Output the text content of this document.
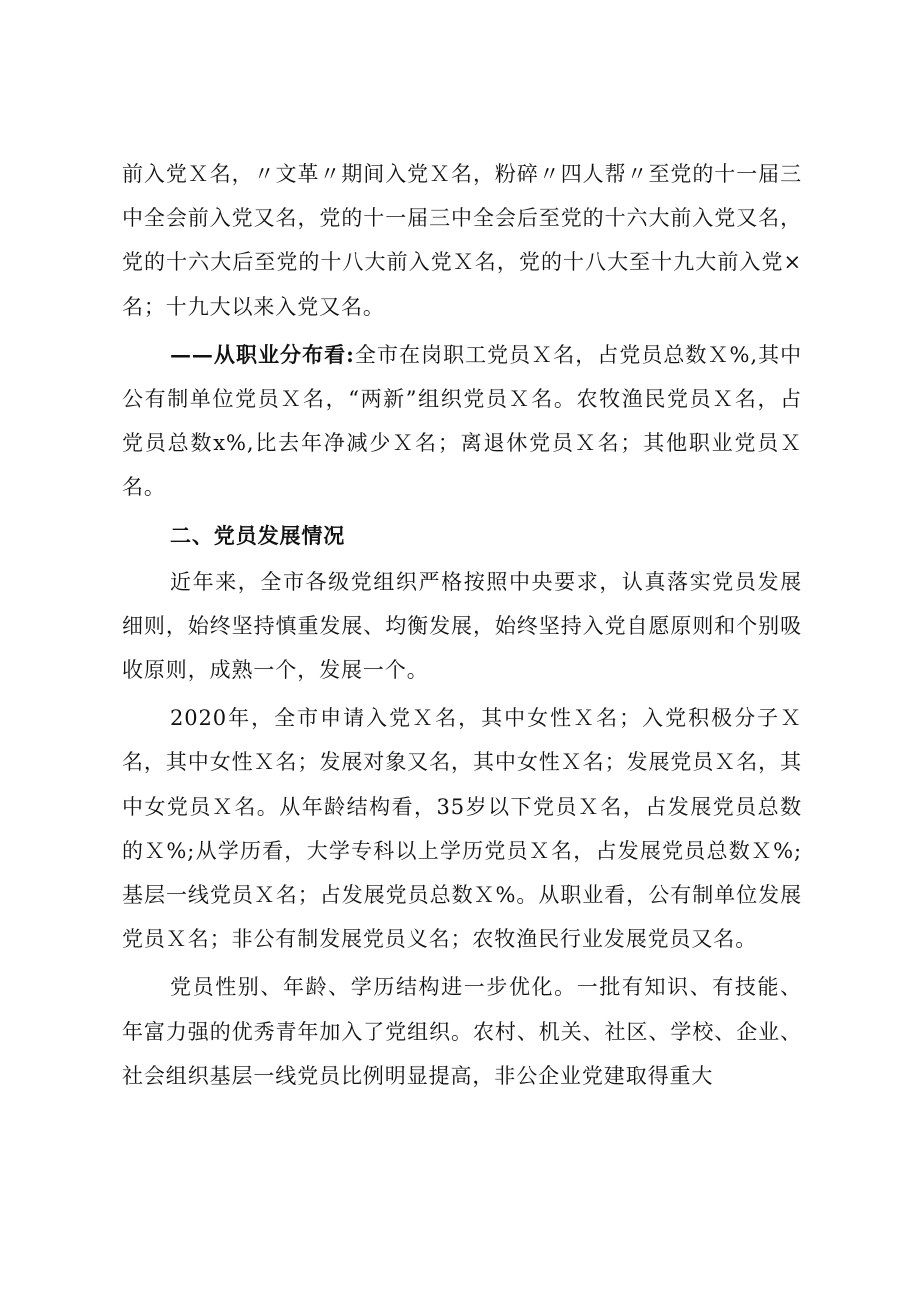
前入党Ｘ名，〃文革〃期间入党Ｘ名，粉碎〃四人帮〃至党的十一届三中全会前入党又名，党的十一届三中全会后至党的十六大前入党又名，党的十六大后至党的十八大前入党Ｘ名，党的十八大至十九大前入党×名；十九大以来入党又名。

——从职业分布看:全市在岗职工党员Ｘ名，占党员总数Ｘ%,其中公有制单位党员Ｘ名，“两新”组织党员Ｘ名。农牧渔民党员Ｘ名，占党员总数x%,比去年净减少Ｘ名；离退休党员Ｘ名；其他职业党员Ｘ名。

二、党员发展情况

近年来，全市各级党组织严格按照中央要求，认真落实党员发展细则，始终坚持慎重发展、均衡发展，始终坚持入党自愿原则和个别吸收原则，成熟一个，发展一个。

2020年，全市申请入党Ｘ名，其中女性Ｘ名；入党积极分子Ｘ名，其中女性Ｘ名；发展对象又名，其中女性Ｘ名；发展党员Ｘ名，其中女党员Ｘ名。从年龄结构看，35岁以下党员Ｘ名，占发展党员总数的Ｘ%;从学历看，大学专科以上学历党员Ｘ名，占发展党员总数Ｘ%;基层一线党员Ｘ名；占发展党员总数Ｘ%。从职业看，公有制单位发展党员Ｘ名；非公有制发展党员义名；农牧渔民行业发展党员又名。

党员性别、年龄、学历结构进一步优化。一批有知识、有技能、年富力强的优秀青年加入了党组织。农村、机关、社区、学校、企业、社会组织基层一线党员比例明显提高，非公企业党建取得重大
